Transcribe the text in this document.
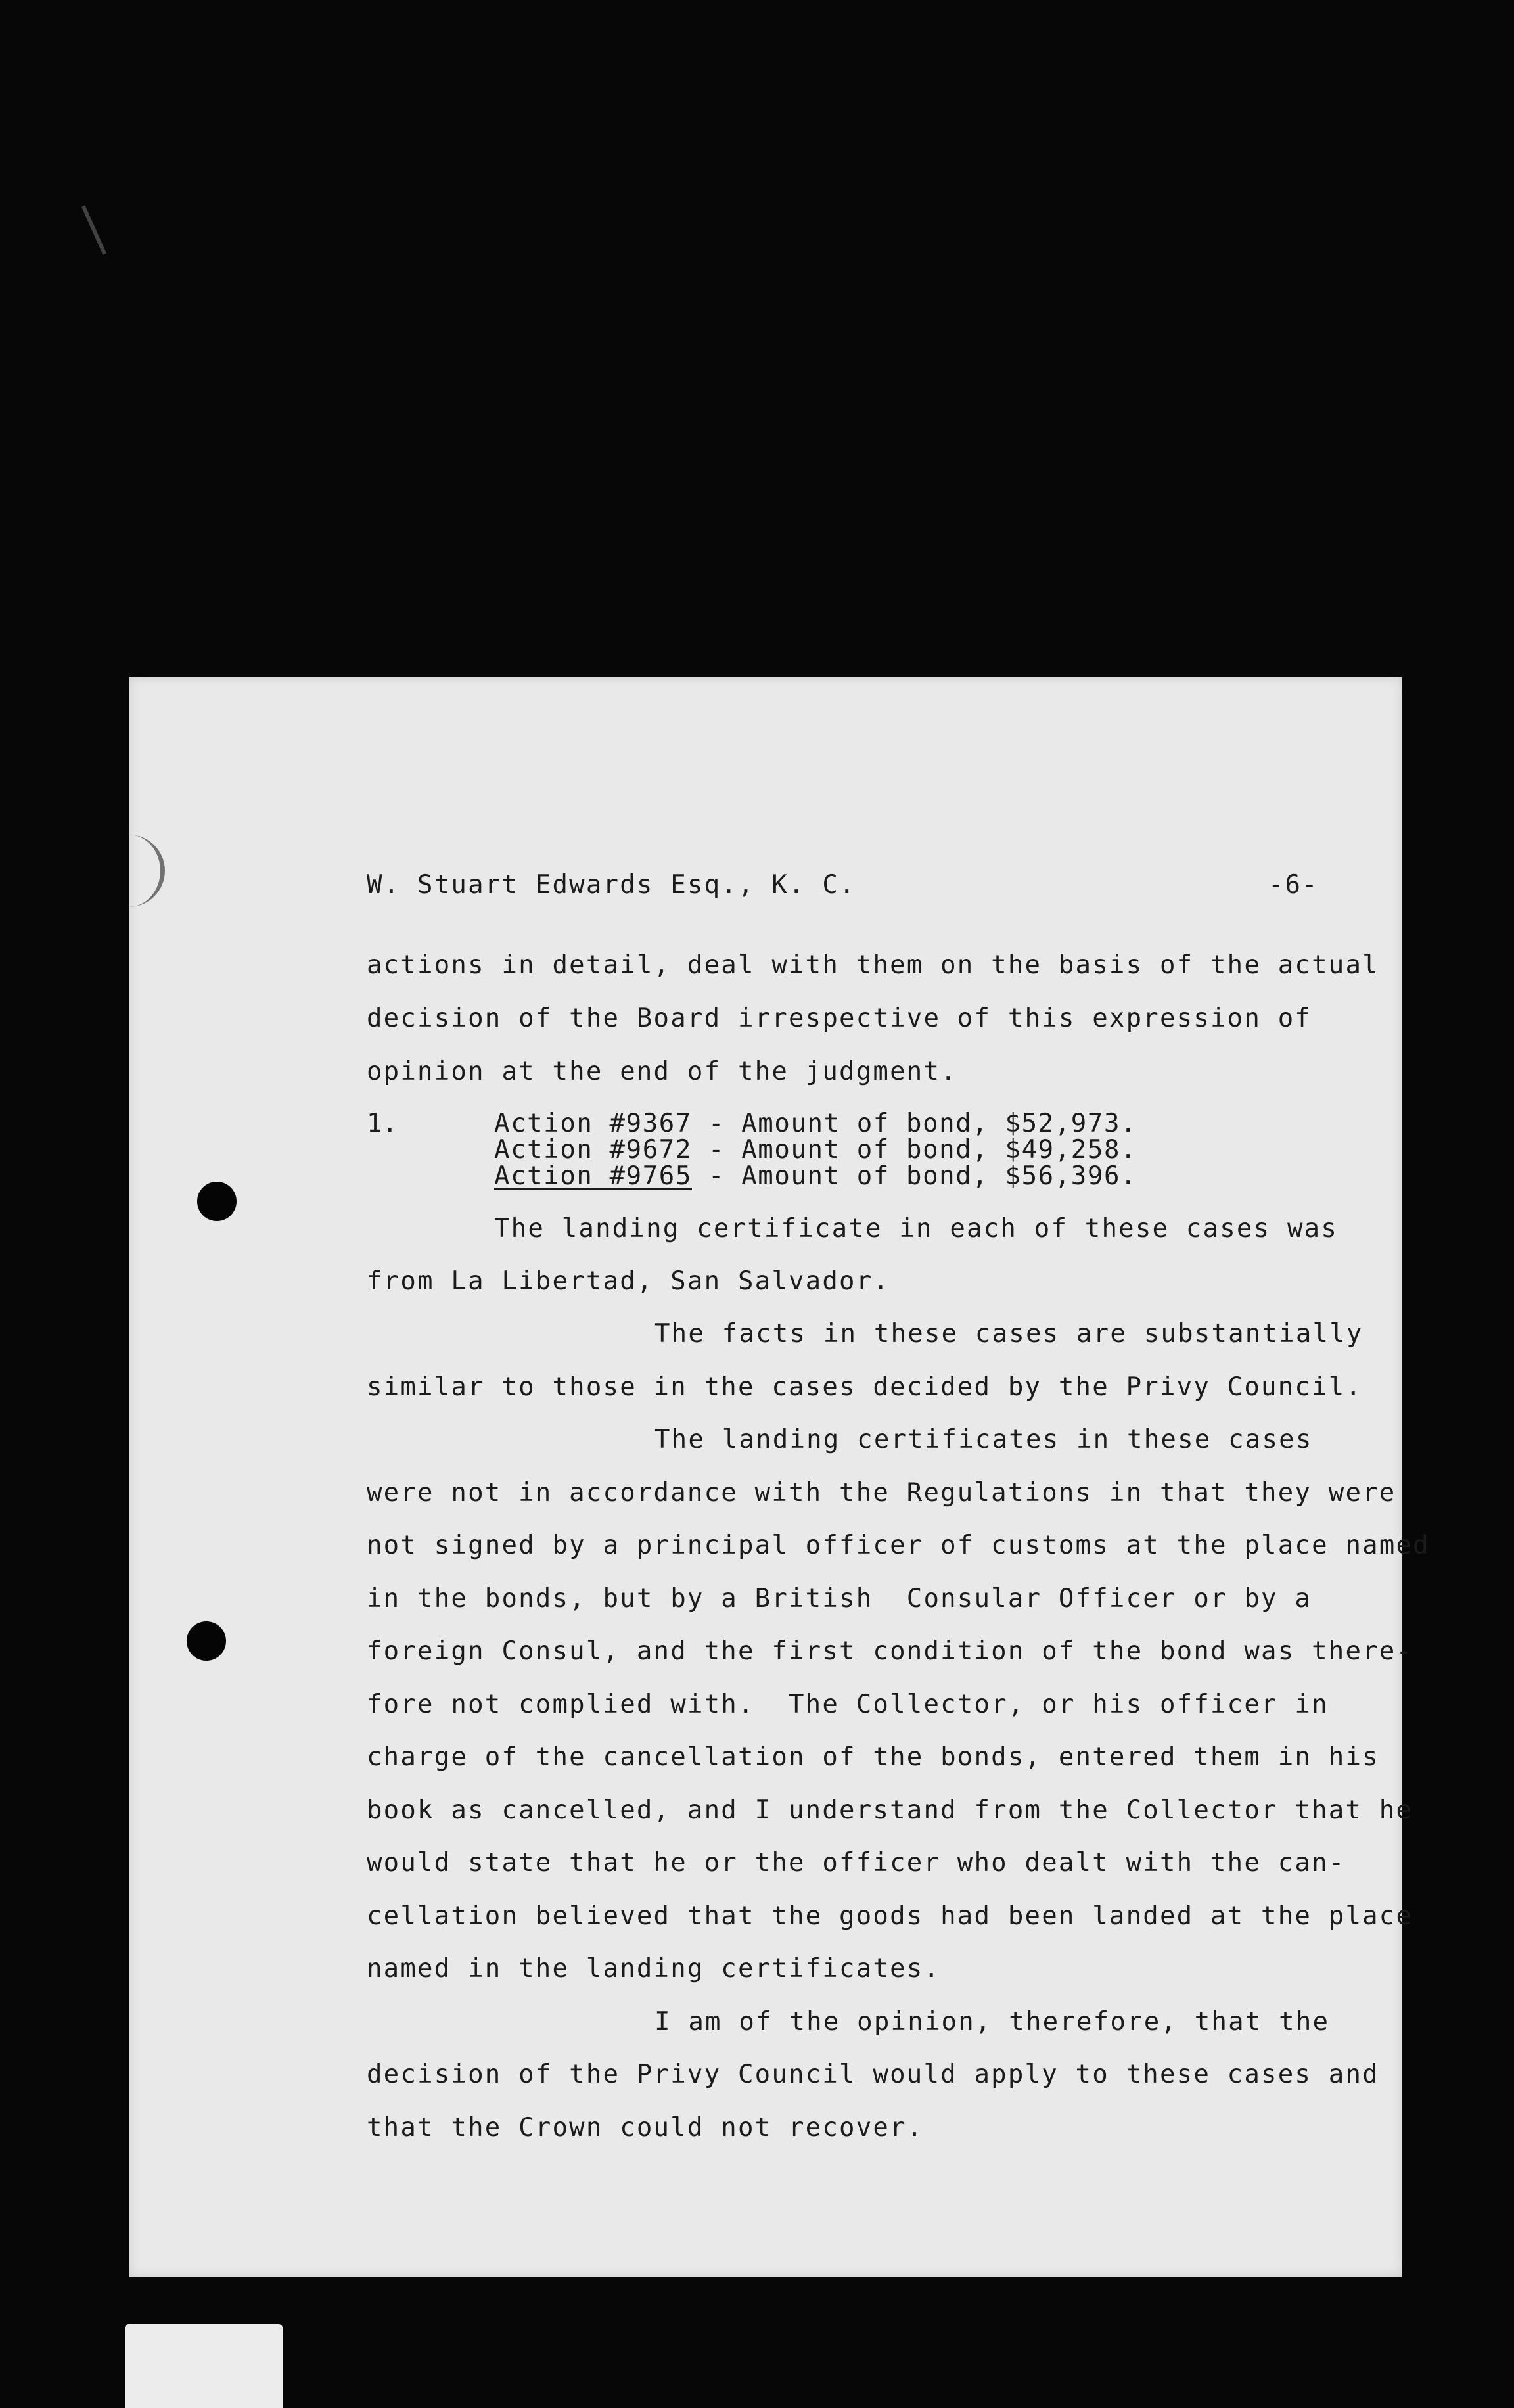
W. Stuart Edwards Esq., K. C.	-6-

actions in detail, deal with them on the basis of the actual

decision of the Board irrespective of this expression of

opinion at the end of the judgment.

1.	Action #9367 - Amount of bond, $52,973.

Action #9672 - Amount of bond, $49,258.

Action #9765 - Amount of bond, $56,396.

The landing certificate in each of these cases was

from La Libertad, San Salvador.

The facts in these cases are substantially

similar to those in the cases decided by the Privy Council.

The landing certificates in these cases

were not in accordance with the Regulations in that they were

not signed by a principal officer of customs at the place named

in the bonds, but by a British  Consular Officer or by a

foreign Consul, and the first condition of the bond was there-

fore not complied with.  The Collector, or his officer in

charge of the cancellation of the bonds, entered them in his

book as cancelled, and I understand from the Collector that he

would state that he or the officer who dealt with the can-

cellation believed that the goods had been landed at the place

named in the landing certificates.

I am of the opinion, therefore, that the

decision of the Privy Council would apply to these cases and

that the Crown could not recover.
